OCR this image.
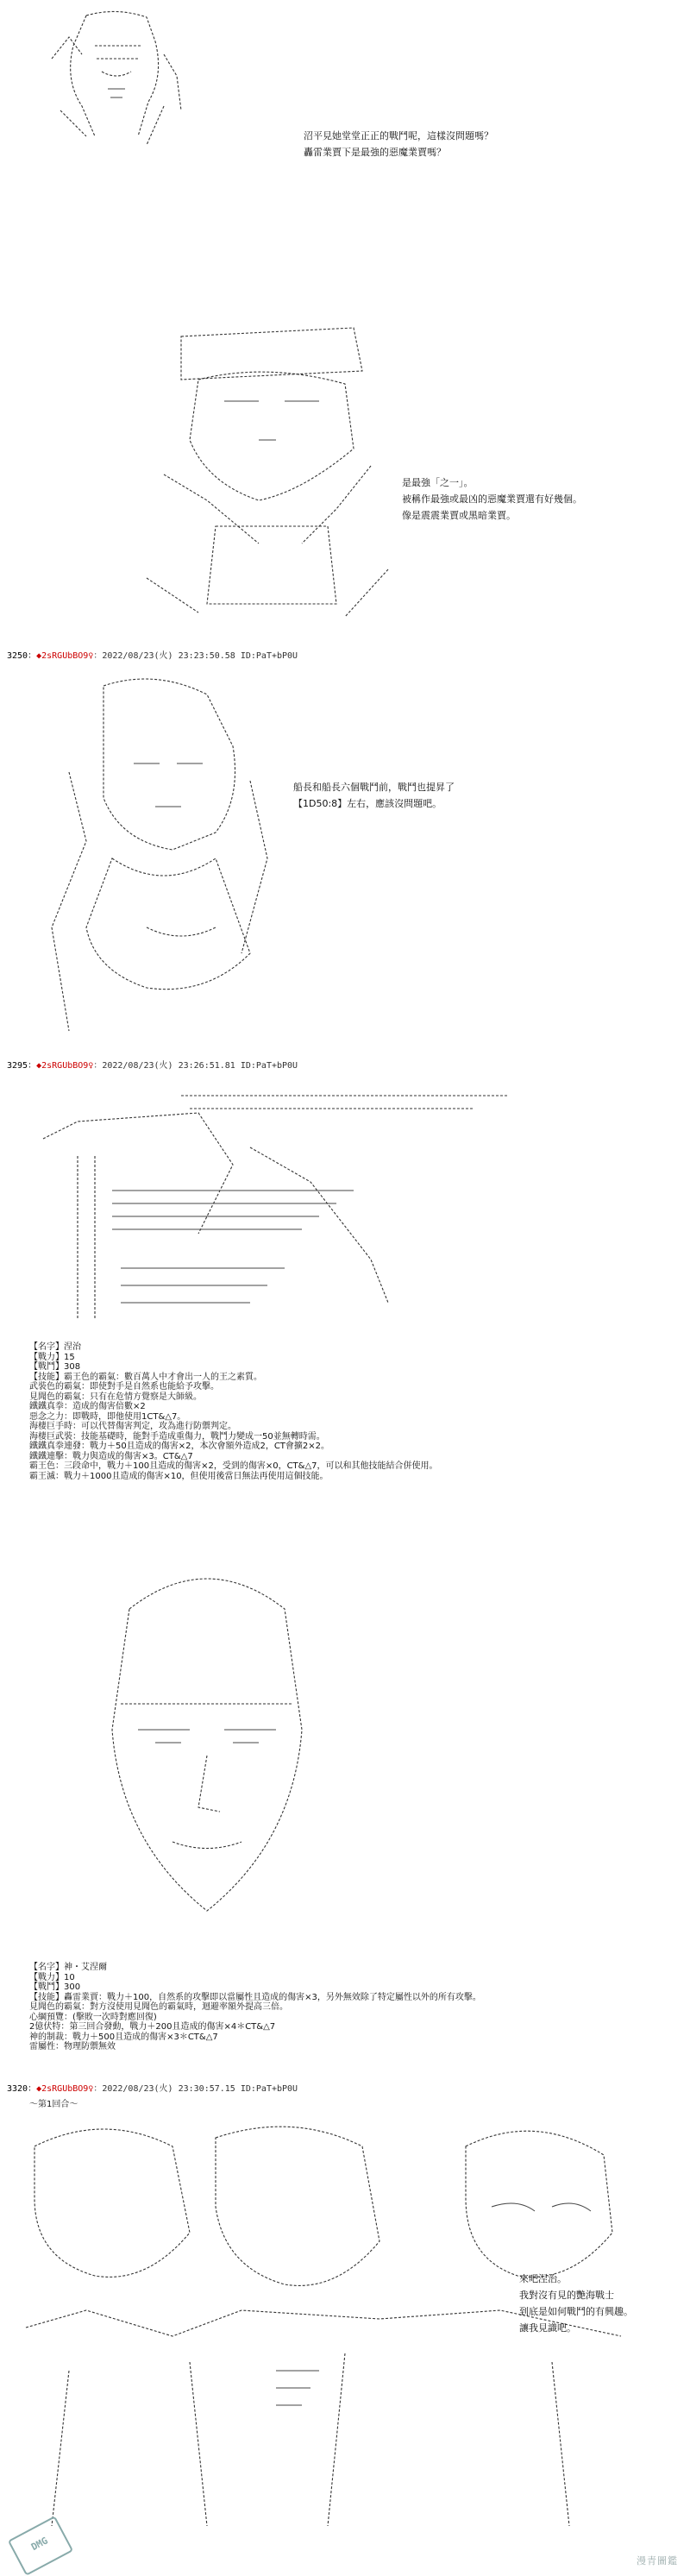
沼平見她堂堂正正的戰鬥呢，這樣沒問題嗎？

轟雷業賈下是最強的惡魔業賈嗎？

是最強「之一」。

被稱作最強或最凶的惡魔業賈還有好幾個。

像是震震業賈或黑暗業賈。

3250：◆2sRGUbBO9♀：2022/08/23(火) 23:23:50.58 ID:PaT+bP0U

船長和船長六個戰鬥前，戰鬥也提昇了

【1D50:8】左右，應該沒問題吧。

3295：◆2sRGUbBO9♀：2022/08/23(火) 23:26:51.81 ID:PaT+bP0U

【名字】涅治

【戰力】15

【戰鬥】308

【技能】霸王色的霸氣：數百萬人中才會出一人的王之素質。

武裝色的霸氣：即使對手是自然系也能給予攻擊。

見聞色的霸氣：只有在危情方覺察是大師級。

鐵鐵真拳：造成的傷害倍數×2

惡念之力：即戰時，即他使用1CT&△7。

海棲巨手時：可以代替傷害判定，攻為進行防禦判定。

海棲巨武裝：技能基礎時，能對手造成重傷力，戰鬥力變成一50並無轉時需。

鐵鐵真拳連發：戰力＋50且造成的傷害×2，本次會額外造成2，CT會擴2×2。

鐵鐵連擊：戰力與造成的傷害×3。CT&△7

霸王色：三段命中，戰力＋100且造成的傷害×2，受到的傷害×0，CT&△7，可以和其他技能結合併使用。

霸王滅：戰力＋1000且造成的傷害×10，但使用後當日無法再使用這個技能。

【名字】神・艾涅爾

【戰力】10

【戰鬥】300

【技能】轟雷業賈：戰力＋100，自然系的攻擊即以當屬性且造成的傷害×3，另外無效除了特定屬性以外的所有攻擊。

見聞色的霸氣：對方沒使用見聞色的霸氣時，迴避率額外提高三倍。

心綱預覽：(擊敗一次時對應回復)

2億伏特：第三回合發動，戰力＋200且造成的傷害×4＊CT&△7

神的制裁：戰力＋500且造成的傷害×3＊CT&△7

雷屬性：物理防禦無效

3320：◆2sRGUbBO9♀：2022/08/23(火) 23:30:57.15 ID:PaT+bP0U
～第1回合～

來吧涅治。

我對沒有見的艷海戰士

到底是如何戰鬥的有興趣。

讓我見識吧。

DMG
漫青圖鑑
